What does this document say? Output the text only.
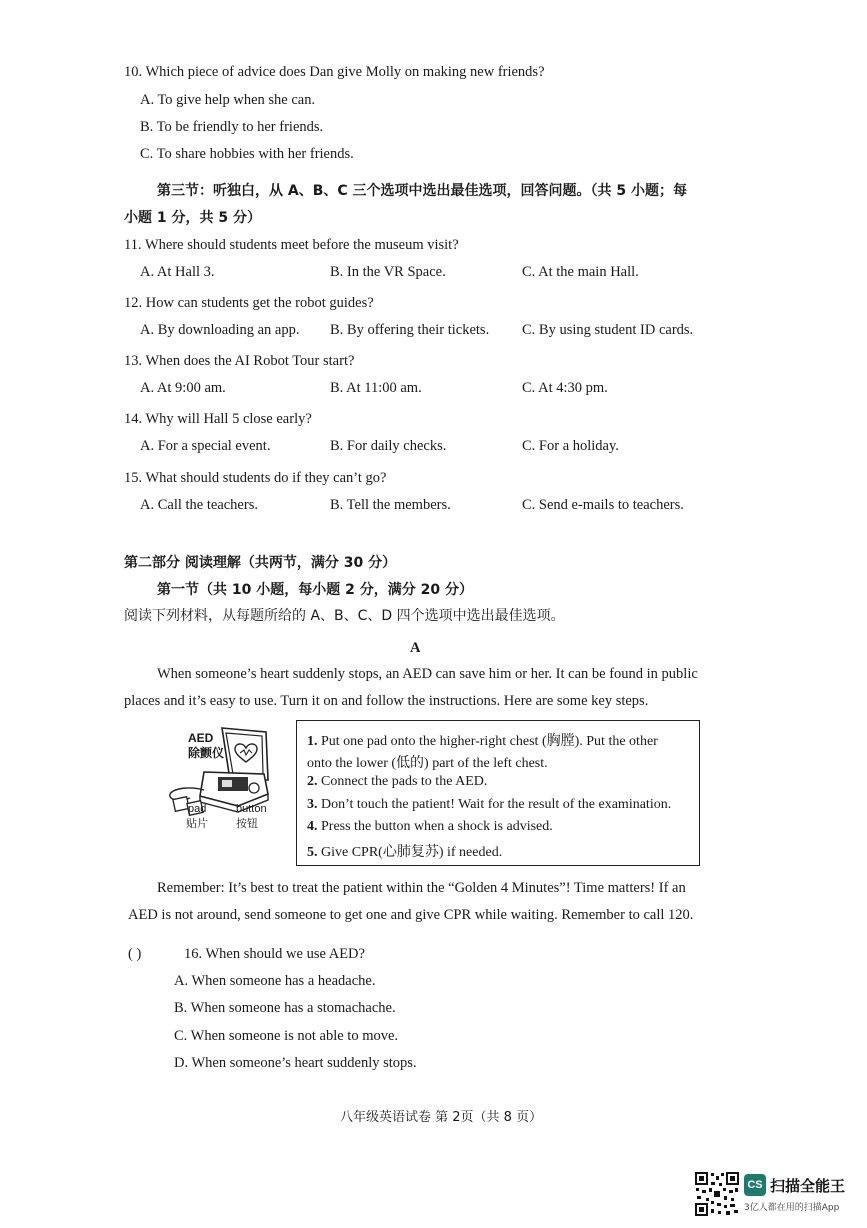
10. Which piece of advice does Dan give Molly on making new friends?
A. To give help when she can.
B. To be friendly to her friends.
C. To share hobbies with her friends.
第三节：听独白，从 A、B、C 三个选项中选出最佳选项，回答问题。（共 5 小题；每
小题 1 分，共 5 分）
11. Where should students meet before the museum visit?
A. At Hall 3.	B. In the VR Space.	C. At the main Hall.
12. How can students get the robot guides?
A. By downloading an app. B. By offering their tickets. C. By using student ID cards.
13. When does the AI Robot Tour start?
A. At 9:00 am.	B. At 11:00 am.	C. At 4:30 pm.
14. Why will Hall 5 close early?
A. For a special event.	B. For daily checks.	C. For a holiday.
15. What should students do if they can’t go?
A. Call the teachers.	B. Tell the members.	C. Send e-mails to teachers.
第二部分 阅读理解（共两节，满分 30 分）
第一节（共 10 小题，每小题 2 分，满分 20 分）
阅读下列材料，从每题所给的 A、B、C、D 四个选项中选出最佳选项。
A
When someone’s heart suddenly stops, an AED can save him or her. It can be found in public
places and it’s easy to use. Turn it on and follow the instructions. Here are some key steps.
AED
除颤仪
pad
贴片
button
按钮
1. Put one pad onto the higher-right chest (胸膛). Put the other
onto the lower (低的) part of the left chest.
2. Connect the pads to the AED.
3. Don’t touch the patient! Wait for the result of the examination.
4. Press the button when a shock is advised.
5. Give CPR(心肺复苏) if needed.
Remember: It’s best to treat the patient within the “Golden 4 Minutes”! Time matters! If an
AED is not around, send someone to get one and give CPR while waiting. Remember to call 120.
( )	16. When should we use AED?
A. When someone has a headache.
B. When someone has a stomachache.
C. When someone is not able to move.
D. When someone’s heart suddenly stops.
八年级英语试卷 第 2页（共 8 页）
CS 扫描全能王
3亿人都在用的扫描App
